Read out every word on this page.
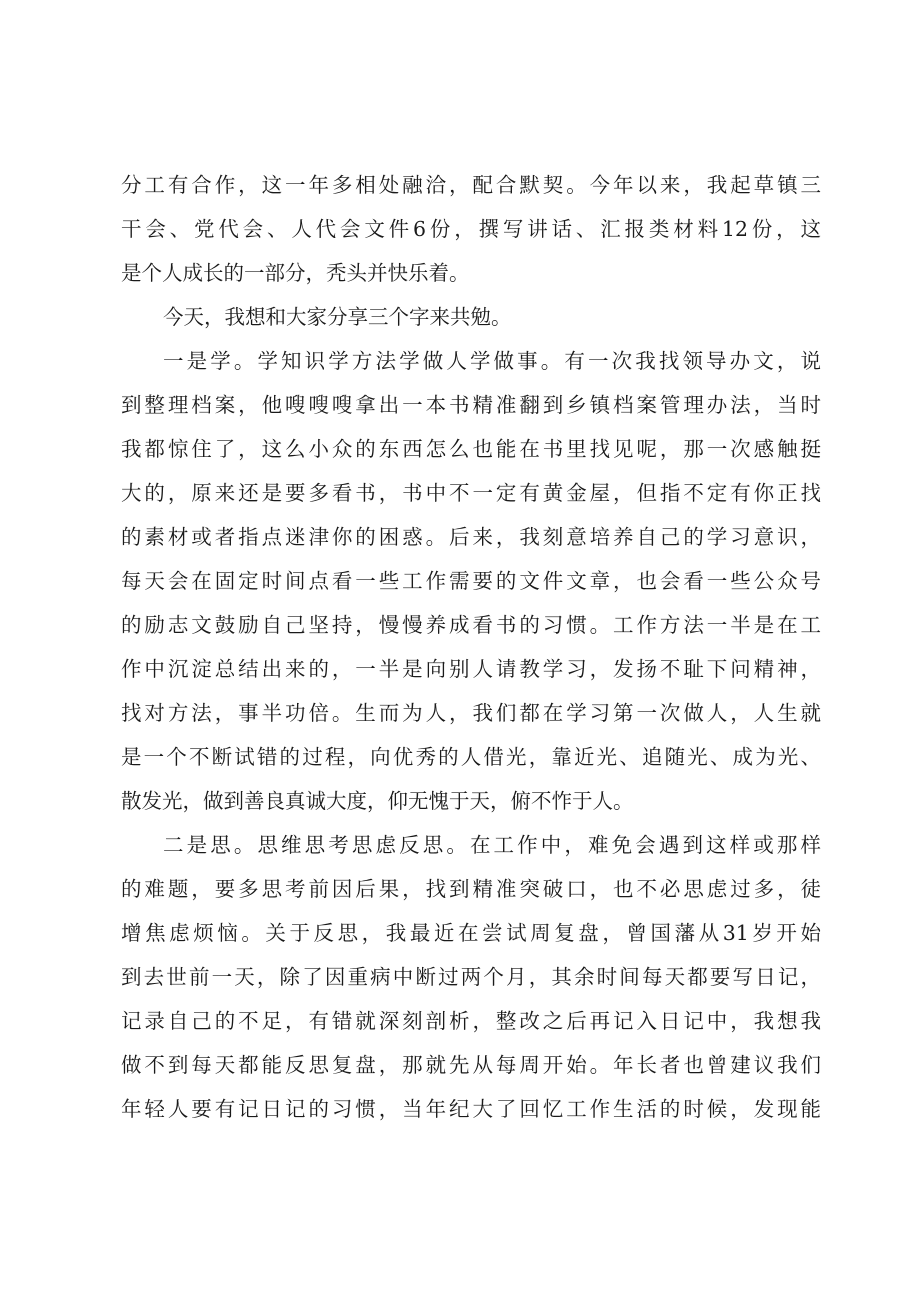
分工有合作，这一年多相处融洽，配合默契。今年以来，我起草镇三
干会、党代会、人代会文件6份，撰写讲话、汇报类材料12份，这
是个人成长的一部分，秃头并快乐着。
今天，我想和大家分享三个字来共勉。
一是学。学知识学方法学做人学做事。有一次我找领导办文，说
到整理档案，他嗖嗖嗖拿出一本书精准翻到乡镇档案管理办法，当时
我都惊住了，这么小众的东西怎么也能在书里找见呢，那一次感触挺
大的，原来还是要多看书，书中不一定有黄金屋，但指不定有你正找
的素材或者指点迷津你的困惑。后来，我刻意培养自己的学习意识，
每天会在固定时间点看一些工作需要的文件文章，也会看一些公众号
的励志文鼓励自己坚持，慢慢养成看书的习惯。工作方法一半是在工
作中沉淀总结出来的，一半是向别人请教学习，发扬不耻下问精神，
找对方法，事半功倍。生而为人，我们都在学习第一次做人，人生就
是一个不断试错的过程，向优秀的人借光，靠近光、追随光、成为光、
散发光，做到善良真诚大度，仰无愧于天，俯不怍于人。
二是思。思维思考思虑反思。在工作中，难免会遇到这样或那样
的难题，要多思考前因后果，找到精准突破口，也不必思虑过多，徒
增焦虑烦恼。关于反思，我最近在尝试周复盘，曾国藩从31岁开始
到去世前一天，除了因重病中断过两个月，其余时间每天都要写日记，
记录自己的不足，有错就深刻剖析，整改之后再记入日记中，我想我
做不到每天都能反思复盘，那就先从每周开始。年长者也曾建议我们
年轻人要有记日记的习惯，当年纪大了回忆工作生活的时候，发现能
